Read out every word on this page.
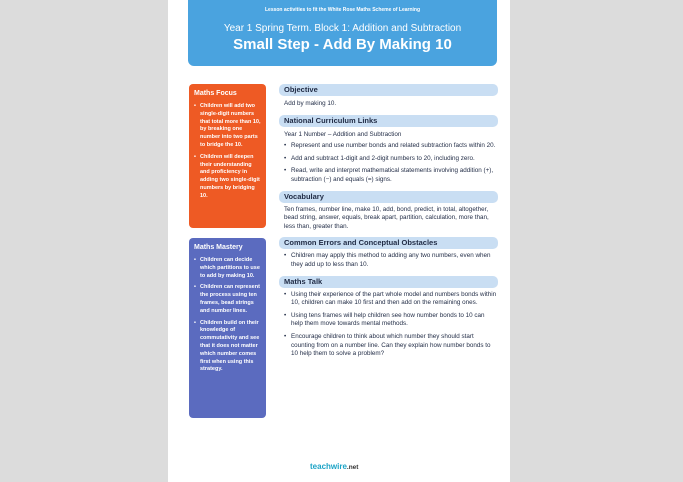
Lesson activities to fit the White Rose Maths Scheme of Learning
Year 1 Spring Term. Block 1: Addition and Subtraction
Small Step - Add By Making 10
Maths Focus
• Children will add two single-digit numbers that total more than 10, by breaking one number into two parts to bridge the 10.
• Children will deepen their understanding and proficiency in adding two single-digit numbers by bridging 10.
Maths Mastery
• Children can decide which partitions to use to add by making 10.
• Children can represent the process using ten frames, bead strings and number lines.
• Children build on their knowledge of commutativity and see that it does not matter which number comes first when using this strategy.
Objective
Add by making 10.
National Curriculum Links
Year 1 Number – Addition and Subtraction
• Represent and use number bonds and related subtraction facts within 20.
• Add and subtract 1-digit and 2-digit numbers to 20, including zero.
• Read, write and interpret mathematical statements involving addition (+), subtraction (−) and equals (=) signs.
Vocabulary
Ten frames, number line, make 10, add, bond, predict, in total, altogether, bead string, answer, equals, break apart, partition, calculation, more than, less than, greater than.
Common Errors and Conceptual Obstacles
• Children may apply this method to adding any two numbers, even when they add up to less than 10.
Maths Talk
• Using their experience of the part whole model and numbers bonds within 10, children can make 10 first and then add on the remaining ones.
• Using tens frames will help children see how number bonds to 10 can help them move towards mental methods.
• Encourage children to think about which number they should start counting from on a number line. Can they explain how number bonds to 10 help them to solve a problem?
teachwire.net
